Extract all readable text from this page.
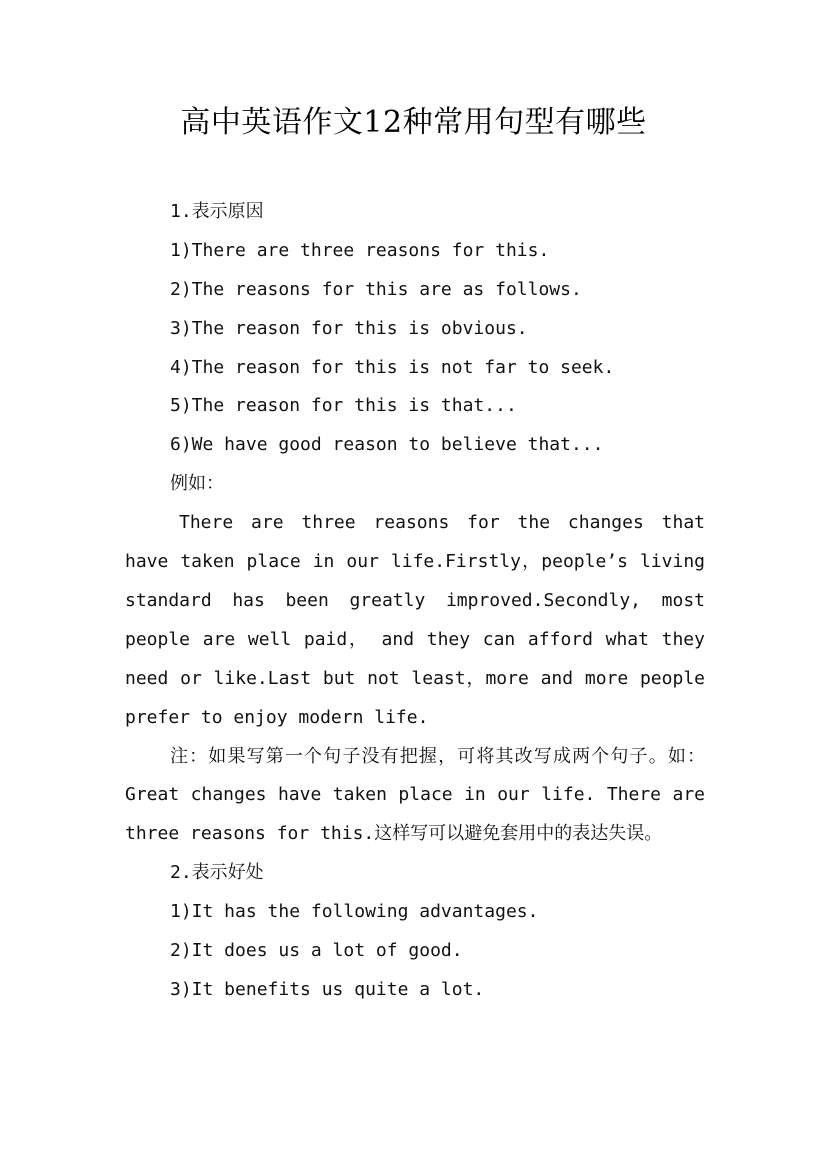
高中英语作文12种常用句型有哪些
1.表示原因
1)There are three reasons for this.
2)The reasons for this are as follows.
3)The reason for this is obvious.
4)The reason for this is not far to seek.
5)The reason for this is that...
6)We have good reason to believe that...
例如：
There are three reasons for the changes that have taken place in our life.Firstly，people’s living standard has been greatly improved.Secondly, most people are well paid， and they can afford what they need or like.Last but not least，more and more people prefer to enjoy modern life.
注：如果写第一个句子没有把握，可将其改写成两个句子。如：Great changes have taken place in our life. There are three reasons for this.这样写可以避免套用中的表达失误。
2.表示好处
1)It has the following advantages.
2)It does us a lot of good.
3)It benefits us quite a lot.
